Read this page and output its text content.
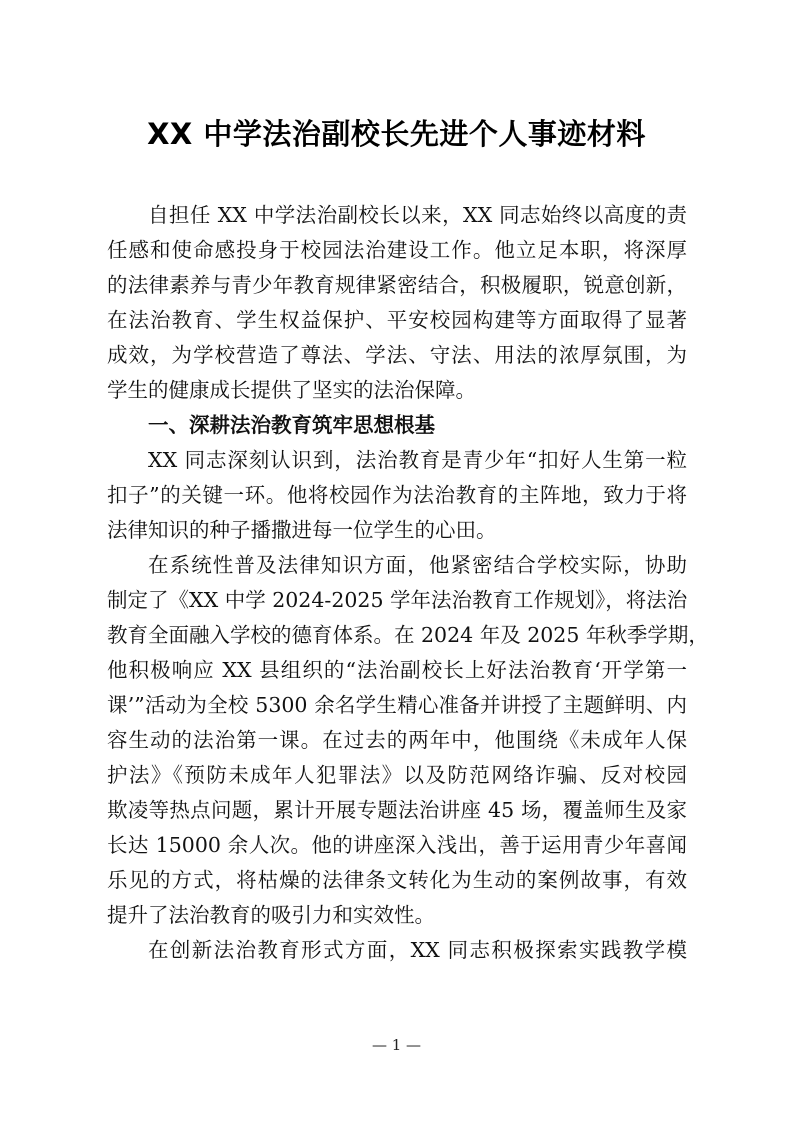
XX 中学法治副校长先进个人事迹材料
自担任 XX 中学法治副校长以来，XX 同志始终以高度的责
任感和使命感投身于校园法治建设工作。他立足本职，将深厚
的法律素养与青少年教育规律紧密结合，积极履职，锐意创新，
在法治教育、学生权益保护、平安校园构建等方面取得了显著
成效，为学校营造了尊法、学法、守法、用法的浓厚氛围，为
学生的健康成长提供了坚实的法治保障。
一、深耕法治教育筑牢思想根基
XX 同志深刻认识到，法治教育是青少年“扣好人生第一粒
扣子”的关键一环。他将校园作为法治教育的主阵地，致力于将
法律知识的种子播撒进每一位学生的心田。
在系统性普及法律知识方面，他紧密结合学校实际，协助
制定了《XX 中学 2024-2025 学年法治教育工作规划》，将法治
教育全面融入学校的德育体系。在 2024 年及 2025 年秋季学期，
他积极响应 XX 县组织的“法治副校长上好法治教育‘开学第一
课’”活动为全校 5300 余名学生精心准备并讲授了主题鲜明、内
容生动的法治第一课。在过去的两年中，他围绕《未成年人保
护法》《预防未成年人犯罪法》以及防范网络诈骗、反对校园
欺凌等热点问题，累计开展专题法治讲座 45 场，覆盖师生及家
长达 15000 余人次。他的讲座深入浅出，善于运用青少年喜闻
乐见的方式，将枯燥的法律条文转化为生动的案例故事，有效
提升了法治教育的吸引力和实效性。
在创新法治教育形式方面，XX 同志积极探索实践教学模
— 1 —
